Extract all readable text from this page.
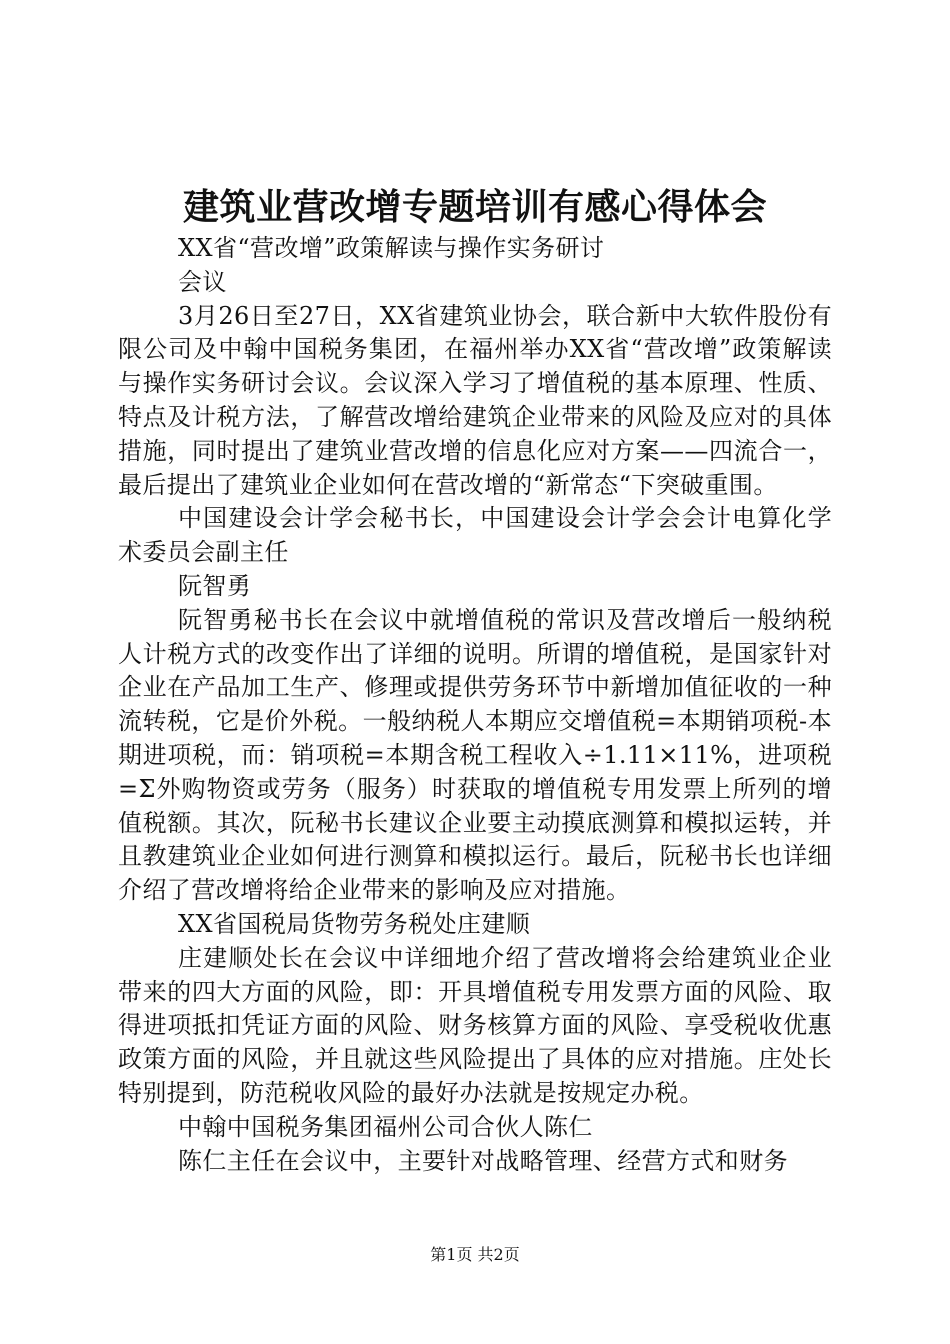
建筑业营改增专题培训有感心得体会

XX省“营改增”政策解读与操作实务研讨

会议

3月26日至27日，XX省建筑业协会，联合新中大软件股份有限公司及中翰中国税务集团，在福州举办XX省“营改增”政策解读与操作实务研讨会议。会议深入学习了增值税的基本原理、性质、特点及计税方法，了解营改增给建筑企业带来的风险及应对的具体措施，同时提出了建筑业营改增的信息化应对方案——四流合一，最后提出了建筑业企业如何在营改增的“新常态“下突破重围。

中国建设会计学会秘书长，中国建设会计学会会计电算化学术委员会副主任

阮智勇

阮智勇秘书长在会议中就增值税的常识及营改增后一般纳税人计税方式的改变作出了详细的说明。所谓的增值税，是国家针对企业在产品加工生产、修理或提供劳务环节中新增加值征收的一种流转税，它是价外税。一般纳税人本期应交增值税=本期销项税-本期进项税，而：销项税=本期含税工程收入÷1.11×11%，进项税=Σ外购物资或劳务（服务）时获取的增值税专用发票上所列的增值税额。其次，阮秘书长建议企业要主动摸底测算和模拟运转，并且教建筑业企业如何进行测算和模拟运行。最后，阮秘书长也详细介绍了营改增将给企业带来的影响及应对措施。

XX省国税局货物劳务税处庄建顺

庄建顺处长在会议中详细地介绍了营改增将会给建筑业企业带来的四大方面的风险，即：开具增值税专用发票方面的风险、取得进项抵扣凭证方面的风险、财务核算方面的风险、享受税收优惠政策方面的风险，并且就这些风险提出了具体的应对措施。庄处长特别提到，防范税收风险的最好办法就是按规定办税。

中翰中国税务集团福州公司合伙人陈仁

陈仁主任在会议中，主要针对战略管理、经营方式和财务

第1页 共2页
